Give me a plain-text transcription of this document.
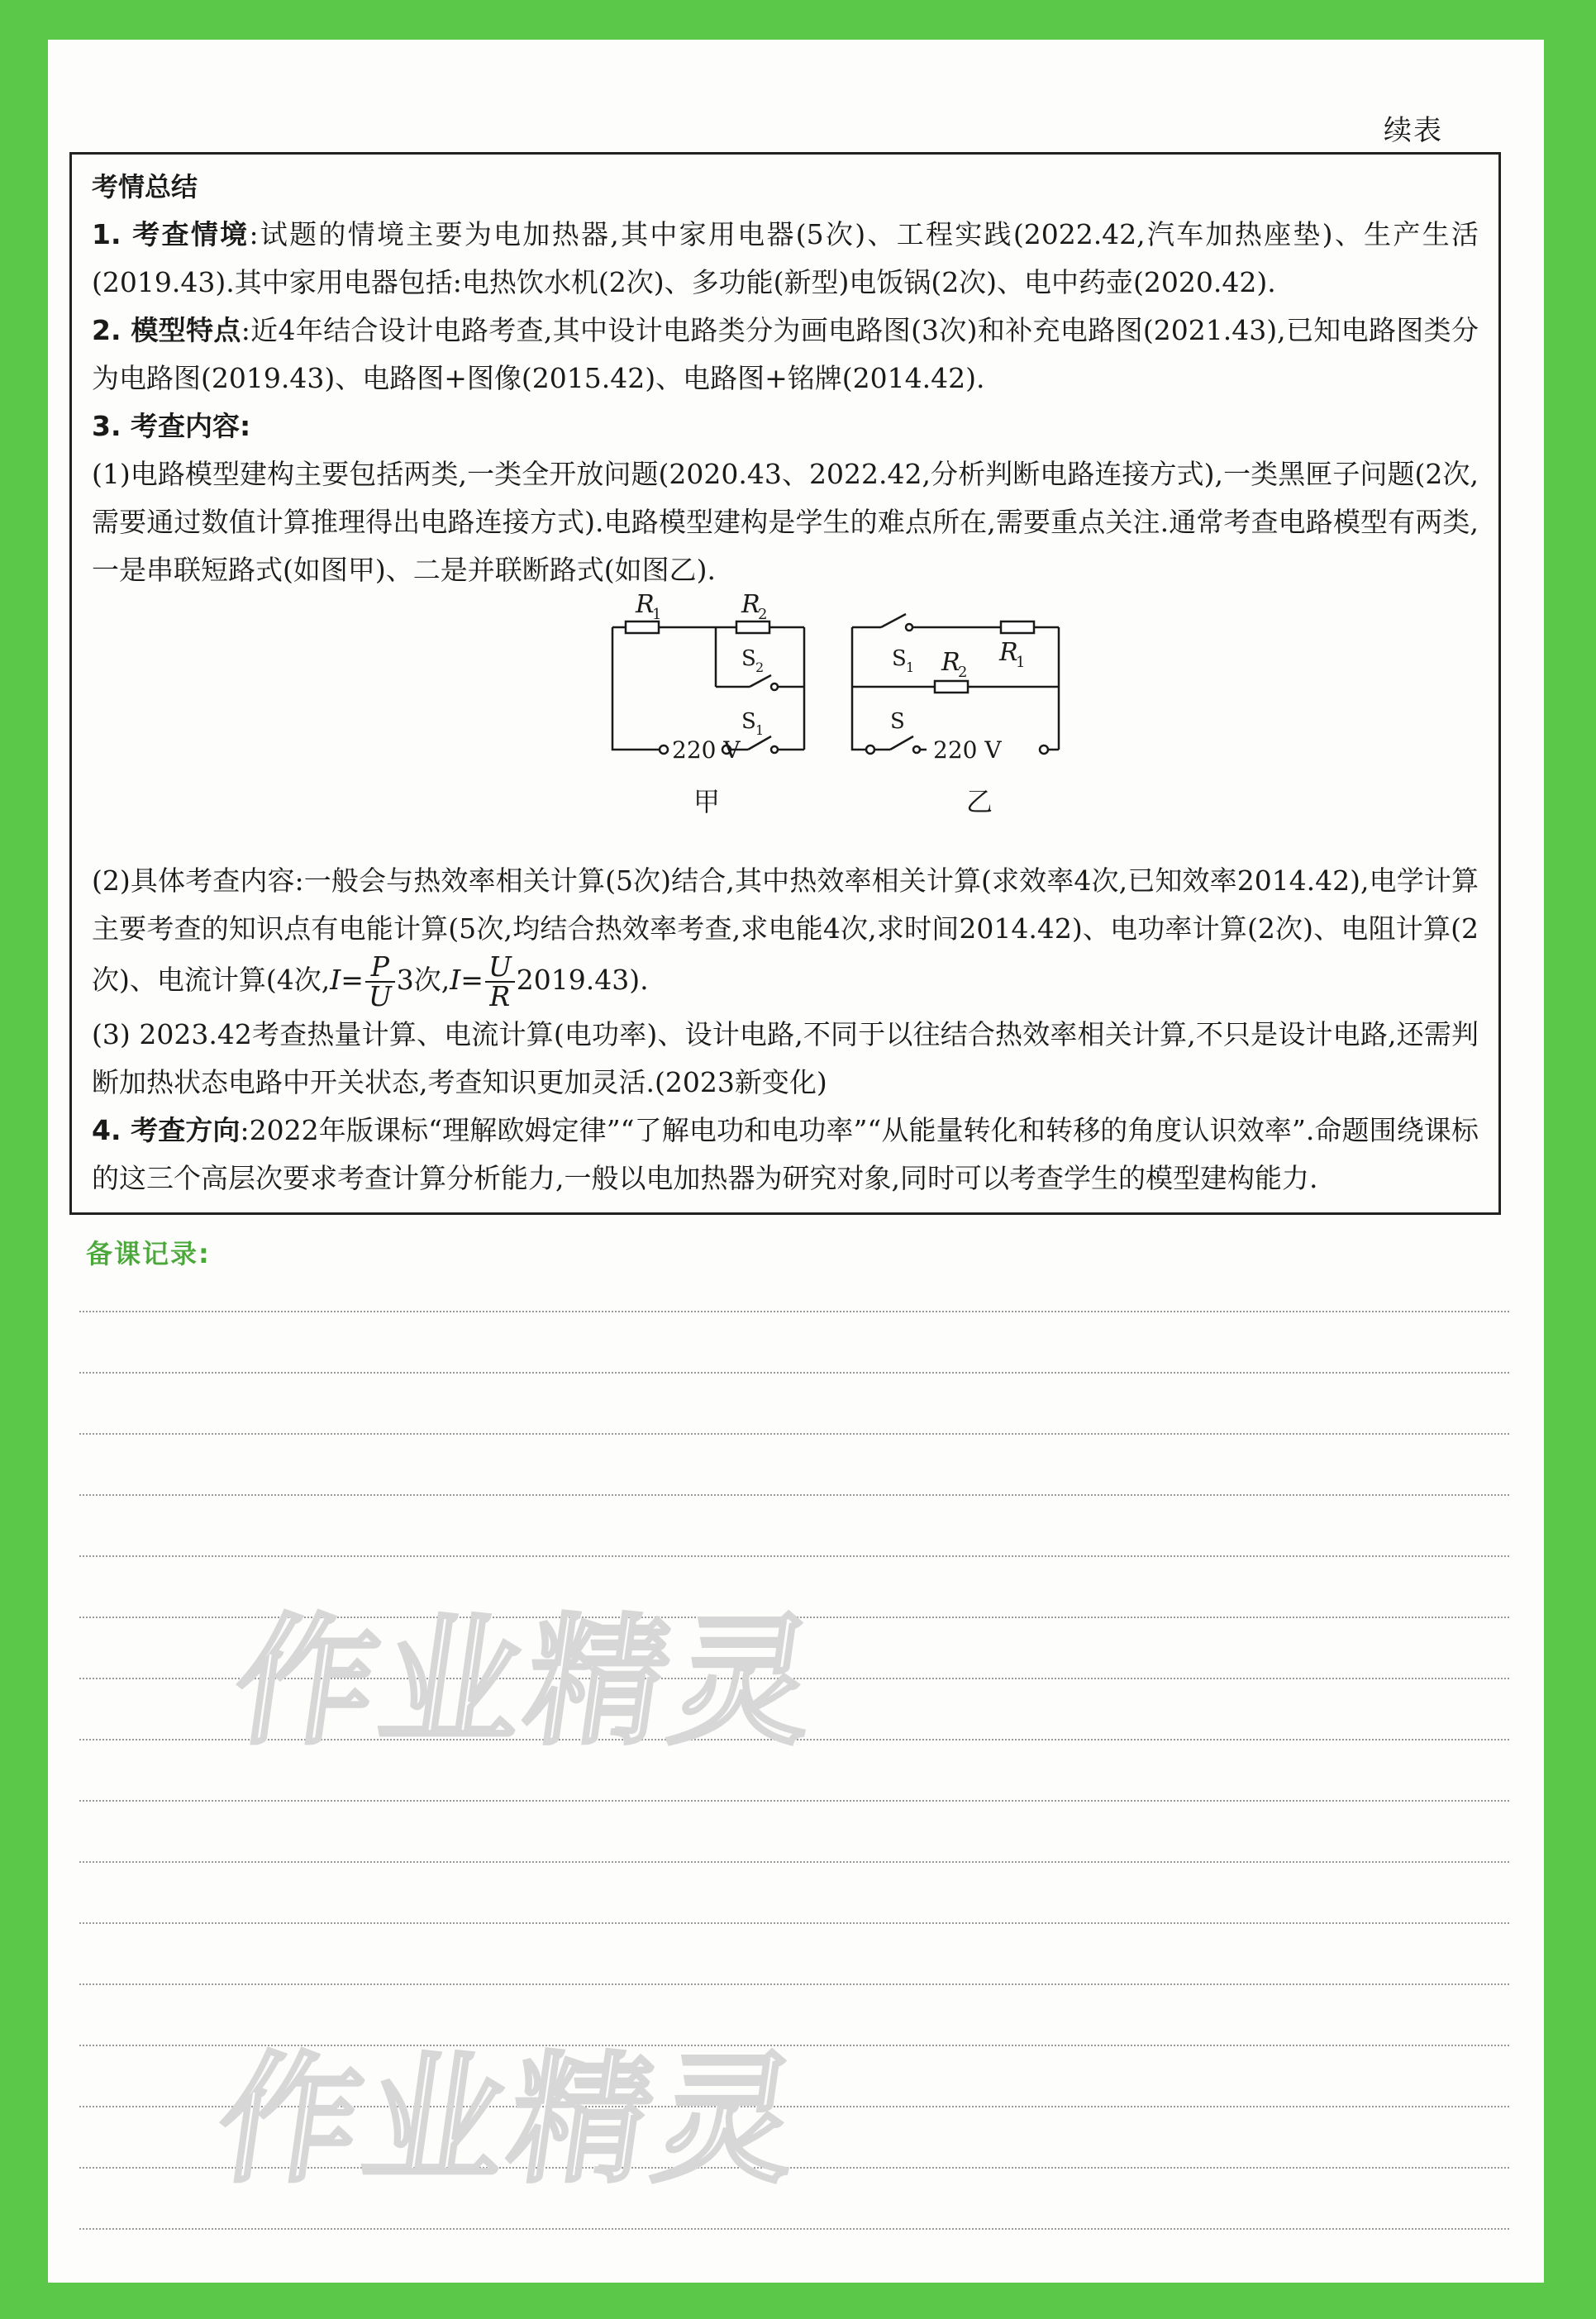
续表
考情总结

1. 考查情境:试题的情境主要为电加热器,其中家用电器(5次)、工程实践(2022.42,汽车加热座垫)、生产生活(2019.43).其中家用电器包括:电热饮水机(2次)、多功能(新型)电饭锅(2次)、电中药壶(2020.42).

2. 模型特点:近4年结合设计电路考查,其中设计电路类分为画电路图(3次)和补充电路图(2021.43),已知电路图类分为电路图(2019.43)、电路图+图像(2015.42)、电路图+铭牌(2014.42).

3. 考查内容:

(1)电路模型建构主要包括两类,一类全开放问题(2020.43、2022.42,分析判断电路连接方式),一类黑匣子问题(2次,需要通过数值计算推理得出电路连接方式).电路模型建构是学生的难点所在,需要重点关注.通常考查电路模型有两类,一是串联短路式(如图甲)、二是并联断路式(如图乙).

R
1	R
2
S 2
S 1
220 V
甲
S 1 R
2
R
1
S
220 V
乙

(2)具体考查内容:一般会与热效率相关计算(5次)结合,其中热效率相关计算(求效率4次,已知效率2014.42),电学计算主要考查的知识点有电能计算(5次,均结合热效率考查,求电能4次,求时间2014.42)、电功率计算(2次)、电阻计算(2次)、电流计算(4次$,I= \frac{P}{U} 3$次$,I= \frac{U}{R} 2019.43$).

(3) 2023.42考查热量计算、电流计算(电功率)、设计电路,不同于以往结合热效率相关计算,不只是设计电路,还需判断加热状态电路中开关状态,考查知识更加灵活.(2023新变化)

4. 考查方向:2022年版课标“理解欧姆定律”“了解电功和电功率”“从能量转化和转移的角度认识效率”.命题围绕课标的这三个高层次要求考查计算分析能力,一般以电加热器为研究对象,同时可以考查学生的模型建构能力.

备课记录:
作业精灵
作业精灵
